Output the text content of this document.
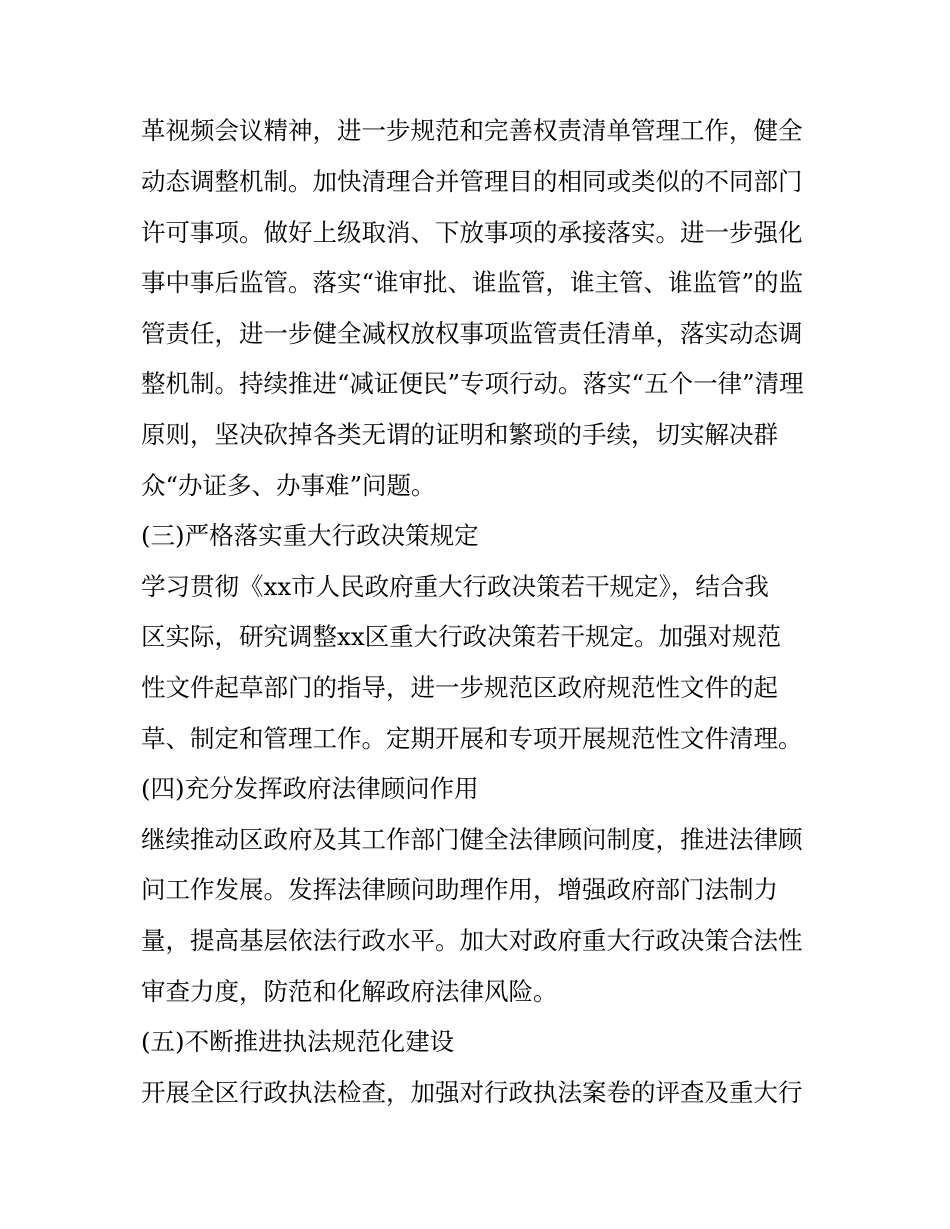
革视频会议精神，进一步规范和完善权责清单管理工作，健全

动态调整机制。加快清理合并管理目的相同或类似的不同部门

许可事项。做好上级取消、下放事项的承接落实。进一步强化

事中事后监管。落实“谁审批、谁监管，谁主管、谁监管”的监

管责任，进一步健全减权放权事项监管责任清单，落实动态调

整机制。持续推进“减证便民”专项行动。落实“五个一律”清理

原则，坚决砍掉各类无谓的证明和繁琐的手续，切实解决群

众“办证多、办事难”问题。

(三)严格落实重大行政决策规定

学习贯彻《xx市人民政府重大行政决策若干规定》，结合我

区实际，研究调整xx区重大行政决策若干规定。加强对规范

性文件起草部门的指导，进一步规范区政府规范性文件的起

草、制定和管理工作。定期开展和专项开展规范性文件清理。

(四)充分发挥政府法律顾问作用

继续推动区政府及其工作部门健全法律顾问制度，推进法律顾

问工作发展。发挥法律顾问助理作用，增强政府部门法制力

量，提高基层依法行政水平。加大对政府重大行政决策合法性

审查力度，防范和化解政府法律风险。

(五)不断推进执法规范化建设

开展全区行政执法检查，加强对行政执法案卷的评查及重大行
